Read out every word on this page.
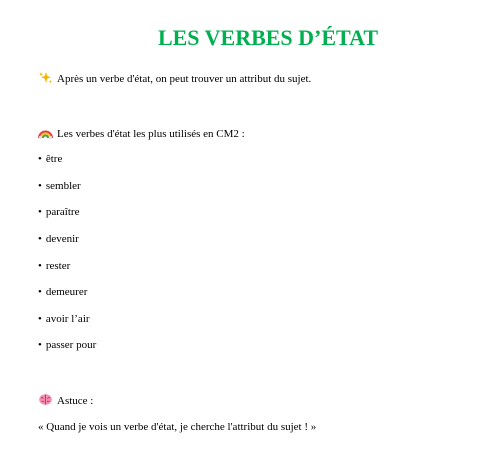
LES VERBES D’ÉTAT
Après un verbe d'état, on peut trouver un attribut du sujet.
Les verbes d'état les plus utilisés en CM2 :
• être
• sembler
• paraître
• devenir
• rester
• demeurer
• avoir l’air
• passer pour
Astuce :
« Quand je vois un verbe d'état, je cherche l'attribut du sujet ! »
